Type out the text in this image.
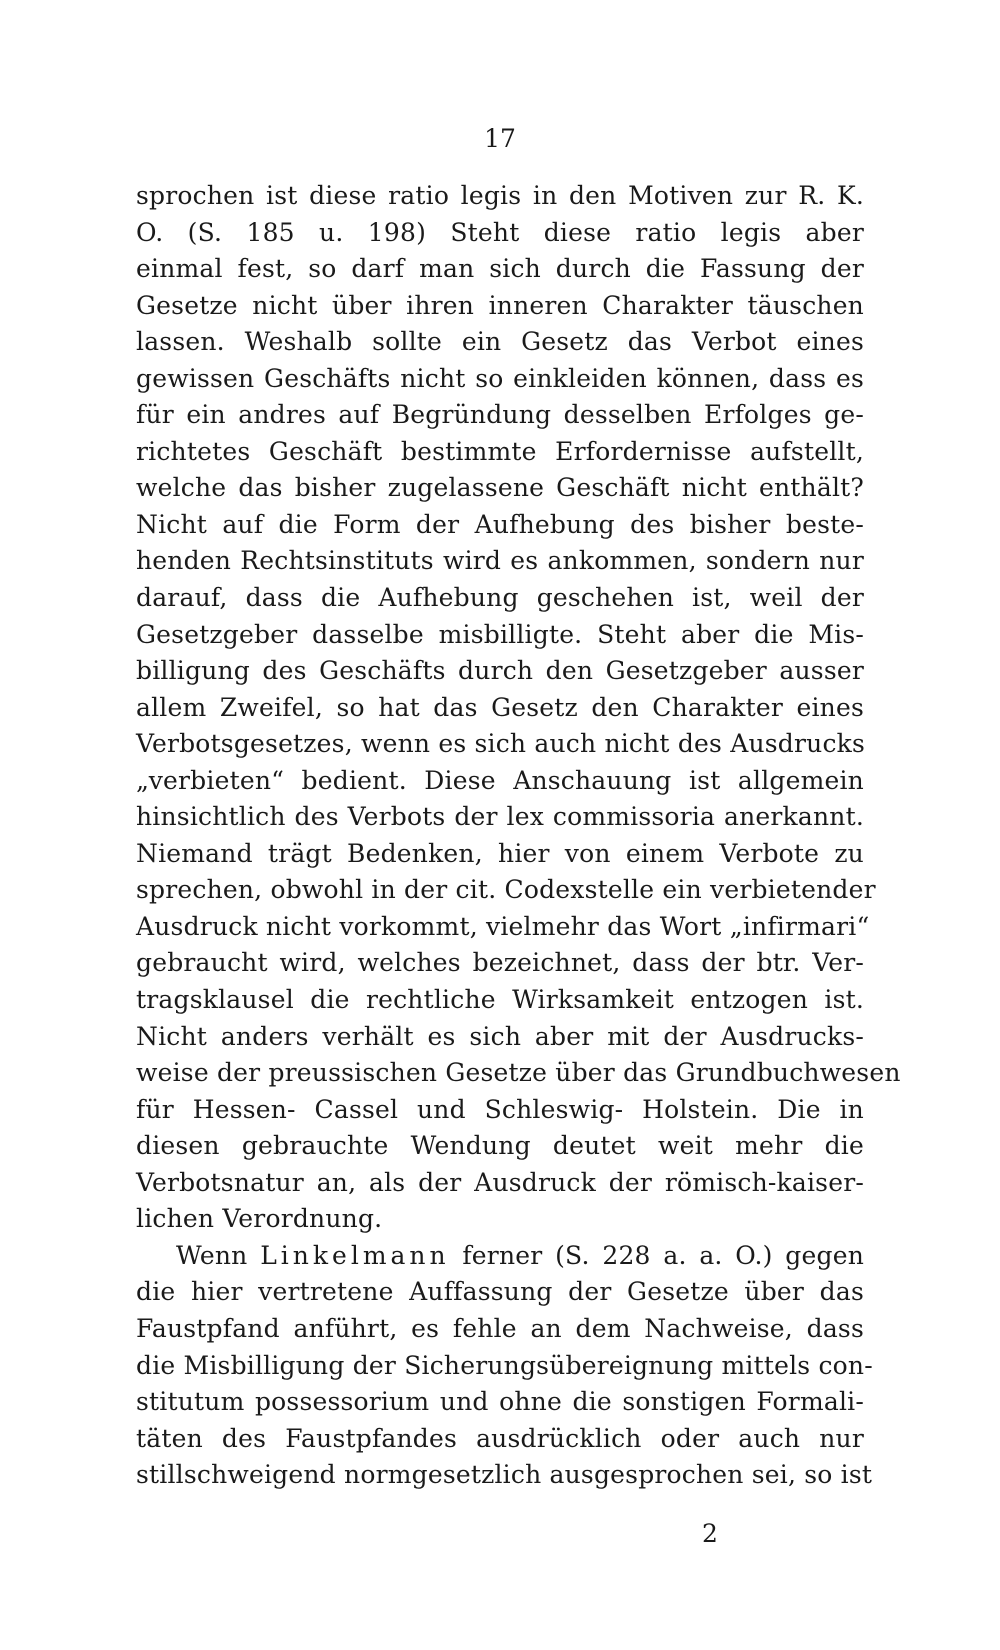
17
sprochen ist diese ratio legis in den Motiven zur R. K.
O. (S. 185 u. 198) Steht diese ratio legis aber
einmal fest, so darf man sich durch die Fassung der
Gesetze nicht über ihren inneren Charakter täuschen
lassen. Weshalb sollte ein Gesetz das Verbot eines
gewissen Geschäfts nicht so einkleiden können, dass es
für ein andres auf Begründung desselben Erfolges ge-
richtetes Geschäft bestimmte Erfordernisse aufstellt,
welche das bisher zugelassene Geschäft nicht enthält?
Nicht auf die Form der Aufhebung des bisher beste-
henden Rechtsinstituts wird es ankommen, sondern nur
darauf, dass die Aufhebung geschehen ist, weil der
Gesetzgeber dasselbe misbilligte. Steht aber die Mis-
billigung des Geschäfts durch den Gesetzgeber ausser
allem Zweifel, so hat das Gesetz den Charakter eines
Verbotsgesetzes, wenn es sich auch nicht des Ausdrucks
„verbieten“ bedient. Diese Anschauung ist allgemein
hinsichtlich des Verbots der lex commissoria anerkannt.
Niemand trägt Bedenken, hier von einem Verbote zu
sprechen, obwohl in der cit. Codexstelle ein verbietender
Ausdruck nicht vorkommt, vielmehr das Wort „infirmari“
gebraucht wird, welches bezeichnet, dass der btr. Ver-
tragsklausel die rechtliche Wirksamkeit entzogen ist.
Nicht anders verhält es sich aber mit der Ausdrucks-
weise der preussischen Gesetze über das Grundbuchwesen
für Hessen- Cassel und Schleswig- Holstein. Die in
diesen gebrauchte Wendung deutet weit mehr die
Verbotsnatur an, als der Ausdruck der römisch-kaiser-
lichen Verordnung.
Wenn Linkelmann ferner (S. 228 a. a. O.) gegen
die hier vertretene Auffassung der Gesetze über das
Faustpfand anführt, es fehle an dem Nachweise, dass
die Misbilligung der Sicherungsübereignung mittels con-
stitutum possessorium und ohne die sonstigen Formali-
täten des Faustpfandes ausdrücklich oder auch nur
stillschweigend normgesetzlich ausgesprochen sei, so ist
2
